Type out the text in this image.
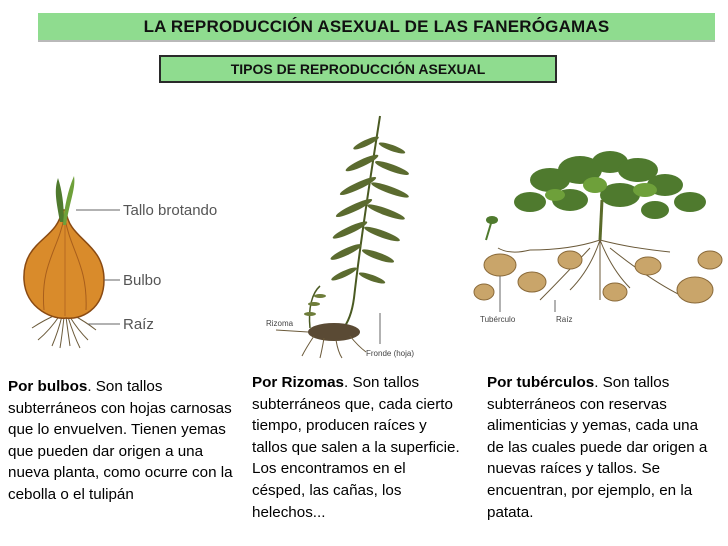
LA REPRODUCCIÓN ASEXUAL DE LAS FANERÓGAMAS
TIPOS DE REPRODUCCIÓN ASEXUAL
Tallo brotando
Bulbo
Raíz	Rizoma
Fronde (hoja)
Tubérculo	Raíz

Por bulbos. Son tallos subterráneos con hojas carnosas que lo envuelven. Tienen yemas que pueden dar origen a una nueva planta, como ocurre con la cebolla o el tulipán

Por Rizomas. Son tallos subterráneos que, cada cierto tiempo, producen raíces y tallos que salen a la superficie. Los encontramos en el césped, las cañas, los helechos...

Por tubérculos. Son tallos subterráneos con reservas alimenticias y yemas, cada una de las cuales puede dar origen a nuevas raíces y tallos. Se encuentran, por ejemplo, en la patata.
